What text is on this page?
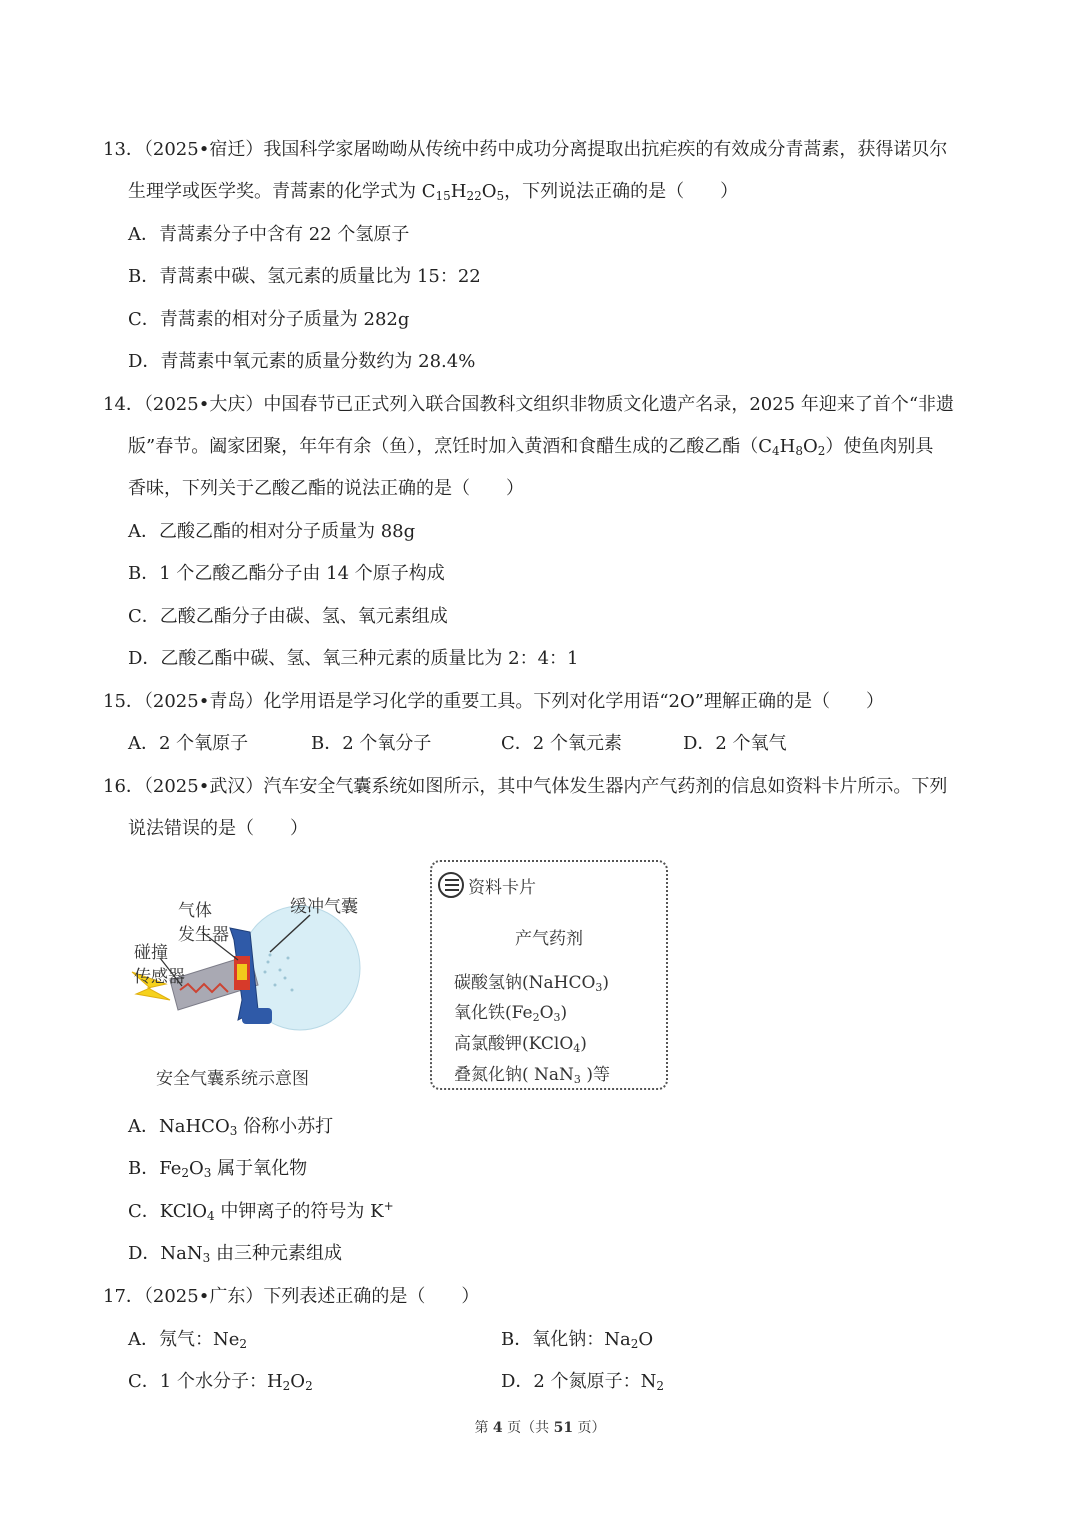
13．（2025•宿迁）我国科学家屠呦呦从传统中药中成功分离提取出抗疟疾的有效成分青蒿素，获得诺贝尔
生理学或医学奖。青蒿素的化学式为 $C_{15}H_{22}O_5$，下列说法正确的是（　　）
A．青蒿素分子中含有 22 个氢原子
B．青蒿素中碳、氢元素的质量比为 15：22
C．青蒿素的相对分子质量为 282g
D．青蒿素中氧元素的质量分数约为 28.4%
14．（2025•大庆）中国春节已正式列入联合国教科文组织非物质文化遗产名录，2025 年迎来了首个“非遗
版”春节。阖家团聚，年年有余（鱼），烹饪时加入黄酒和食醋生成的乙酸乙酯$(C_4H_8O_2)$使鱼肉别具
香味，下列关于乙酸乙酯的说法正确的是（　　）
A．乙酸乙酯的相对分子质量为 88g
B．1 个乙酸乙酯分子由 14 个原子构成
C．乙酸乙酯分子由碳、氢、氧元素组成
D．乙酸乙酯中碳、氢、氧三种元素的质量比为 2：4：1
15．（2025•青岛）化学用语是学习化学的重要工具。下列对化学用语“2O”理解正确的是（　　）
A．2 个氧原子	B．2 个氧分子	C．2 个氧元素	D．2 个氧气
16．（2025•武汉）汽车安全气囊系统如图所示，其中气体发生器内产气药剂的信息如资料卡片所示。下列
说法错误的是（　　）
气体
发生器
缓冲气囊
碰撞
传感器
安全气囊系统示意图
资料卡片
产气药剂
碳酸氢钠(NaHCO$_3$)
氧化铁$(Fe_2O_3)$
高氯酸钾(KClO$_4$)
叠氮化钠( NaN$_3$ )等
A．NaHCO$_3$ 俗称小苏打
B．$Fe_2O_3$ 属于氧化物
C．KClO$_4$ 中钾离子的符号为 K+
D．NaN$_3$ 由三种元素组成
17．（2025•广东）下列表述正确的是（　　）
A．氖气：$Ne_2$	B．氧化钠：$Na_2O$
C．1 个水分子：$H_2O_2$	D．2 个氮原子：$N_2$
第 4 页（共 51 页）
